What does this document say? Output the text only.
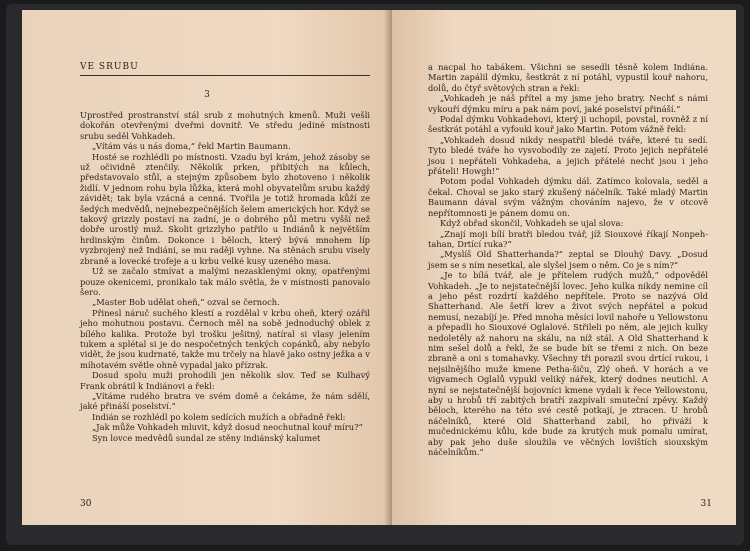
VE SRUBU
3

Uprostřed prostranství stál srub z mohutných kmenů. Muži vešli dokořán otevřenými dveřmi dovnitř. Ve středu jediné místnosti srubu seděl Vohkadeh.

„Vítám vás u nás doma,“ řekl Martin Baumann.

Hosté se rozhlédli po místnosti. Vzadu byl krám, jehož zásoby se už očividně ztenčily. Několik prken, přibitých na kůlech, představovalo stůl, a stejným způsobem bylo zhotoveno i několik židlí. V jednom rohu byla lůžka, která mohl obyvatelům srubu každý závidět; tak byla vzácná a cenná. Tvořila je totiž hromada kůží ze šedých medvědů, nejnebezpečnějších šelem amerických hor. Když se takový grizzly postaví na zadní, je o dobrého půl metru vyšší než dobře urostlý muž. Skolit grizzlyho patřilo u Indiánů k největším hrdinským činům. Dokonce i běloch, který bývá mnohem líp vyzbrojený než Indiáni, se mu raději vyhne. Na stěnách srubu visely zbraně a lovecké trofeje a u krbu velké kusy uzeného masa.

Už se začalo stmívat a malými nezasklenými okny, opatřenými pouze okenicemi, pronikalo tak málo světla, že v místnosti panovalo šero.

„Master Bob udělat oheň,“ ozval se černoch.

Přinesl náruč suchého klestí a rozdělal v krbu oheň, který ozářil jeho mohutnou postavu. Černoch měl na sobě jednoduchý oblek z bílého kalika. Protože byl trošku ješitný, natíral si vlasy jelením tukem a splétal si je do nespočetných tenkých copánků, aby nebylo vidět, že jsou kudrnaté, takže mu trčely na hlavě jako ostny ježka a v míhotavém světle ohně vypadal jako přízrak.

Dosud spolu muži prohodili jen několik slov. Teď se Kulhavý Frank obrátil k Indiánovi a řekl:

„Vítáme rudého bratra ve svém domě a čekáme, že nám sdělí, jaké přináší poselství.“

Indián se rozhlédl po kolem sedících mužích a obřadně řekl:

„Jak může Vohkadeh mluvit, když dosud neochutnal kouř míru?“

Syn lovce medvědů sundal ze stěny indiánský kalumet

30

a nacpal ho tabákem. Všichni se sesedli těsně kolem Indiána. Martin zapálil dýmku, šestkrát z ní potáhl, vypustil kouř nahoru, dolů, do čtyř světových stran a řekl:

„Vohkadeh je náš přítel a my jsme jeho bratry. Nechť s námi vykouří dýmku míru a pak nám poví, jaké poselství přináší.“

Podal dýmku Vohkadehovi, který ji uchopil, povstal, rovněž z ní šestkrát potáhl a vyfoukl kouř jako Martin. Potom vážně řekl:

„Vohkadeh dosud nikdy nespatřil bledé tváře, které tu sedí. Tyto bledé tváře ho vysvobodily ze zajetí. Proto jejich nepřátelé jsou i nepřáteli Vohkadeha, a jejich přátelé nechť jsou i jeho přáteli! Howgh!“

Potom podal Vohkadeh dýmku dál. Zatímco kolovala, seděl a čekal. Choval se jako starý zkušený náčelník. Také mladý Martin Baumann dával svým vážným chováním najevo, že v otcově nepřítomnosti je pánem domu on.

Když obřad skončil, Vohkadeh se ujal slova:

„Znají moji bílí bratři bledou tvář, jíž Siouxové říkají Nonpeh-tahan, Drtící ruka?“

„Myslíš Old Shatterhanda?“ zeptal se Dlouhý Davy. „Dosud jsem se s ním nesetkal, ale slyšel jsem o něm. Co je s ním?“

„Je to bílá tvář, ale je přítelem rudých mužů,“ odpověděl Vohkadeh. „Je to nejstatečnější lovec. Jeho kulka nikdy nemine cíl a jeho pěst rozdrtí každého nepřítele. Proto se nazývá Old Shatterhand. Ale šetří krev a život svých nepřátel a pokud nemusí, nezabíjí je. Před mnoha měsíci lovil nahoře u Yellowstonu a přepadli ho Siouxové Oglalové. Střileli po něm, ale jejich kulky nedoletěly až nahoru na skálu, na níž stál. A Old Shatterhand k nim sešel dolů a řekl, že se bude bít se třemi z nich. On beze zbraně a oni s tomahavky. Všechny tři porazil svou drtící rukou, i nejsilnějšího muže kmene Petha-šiču, Zlý oheň. V horách a ve vigvamech Oglalů vypukl veliký nářek, který dodnes neutichl. A nyní se nejstatečnější bojovníci kmene vydali k řece Yellowstonu, aby u hrobů tří zabitých bratří zazpívali smuteční zpěvy. Každý běloch, kterého na této své cestě potkají, je ztracen. U hrobů náčelníků, které Old Shatterhand zabil, ho přiváží k mučednickému kůlu, kde bude za krutých muk pomalu umírat, aby pak jeho duše sloužila ve věčných lovištích siouxským náčelníkům.“

31
